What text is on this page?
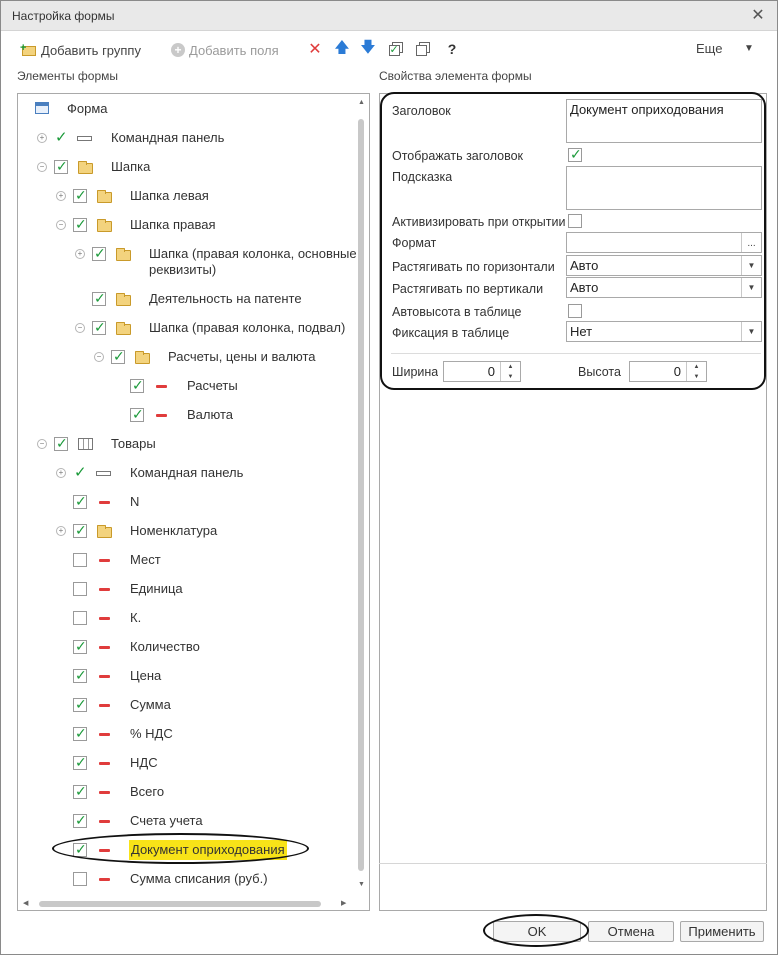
Настройка формы	✕
+ Добавить группу	+ Добавить поля ✕ 🡅 🡇 ✓	?	Еще ▼
Элементы формы	Свойства элемента формы
Форма
+ ✓	Командная панель
− ✓	Шапка
+ ✓	Шапка левая
− ✓	Шапка правая
+ ✓	Шапка (правая колонка, основные
реквизиты)
✓	Деятельность на патенте
− ✓	Шапка (правая колонка, подвал)
− ✓	Расчеты, цены и валюта
✓	Расчеты
✓	Валюта
− ✓	Товары
+ ✓	Командная панель
✓	N
+ ✓	Номенклатура
Мест
Единица
К.
✓	Количество
✓	Цена
✓	Сумма
✓	% НДС
✓	НДС
✓	Всего
✓	Счета учета
✓	Документ оприходования
Сумма списания (руб.)
▲
▼
◀	▶
Заголовок	Документ оприходования
Отображать заголовок	✓
Подсказка
Активизировать при открытии
Формат	...
Растягивать по горизонтали	Авто	▼
Растягивать по вертикали	Авто	▼
Автовысота в таблице
Фиксация в таблице	Нет	▼
Ширина	0	▲
▼	Высота	0	▲
▼
OK	Отмена	Применить
